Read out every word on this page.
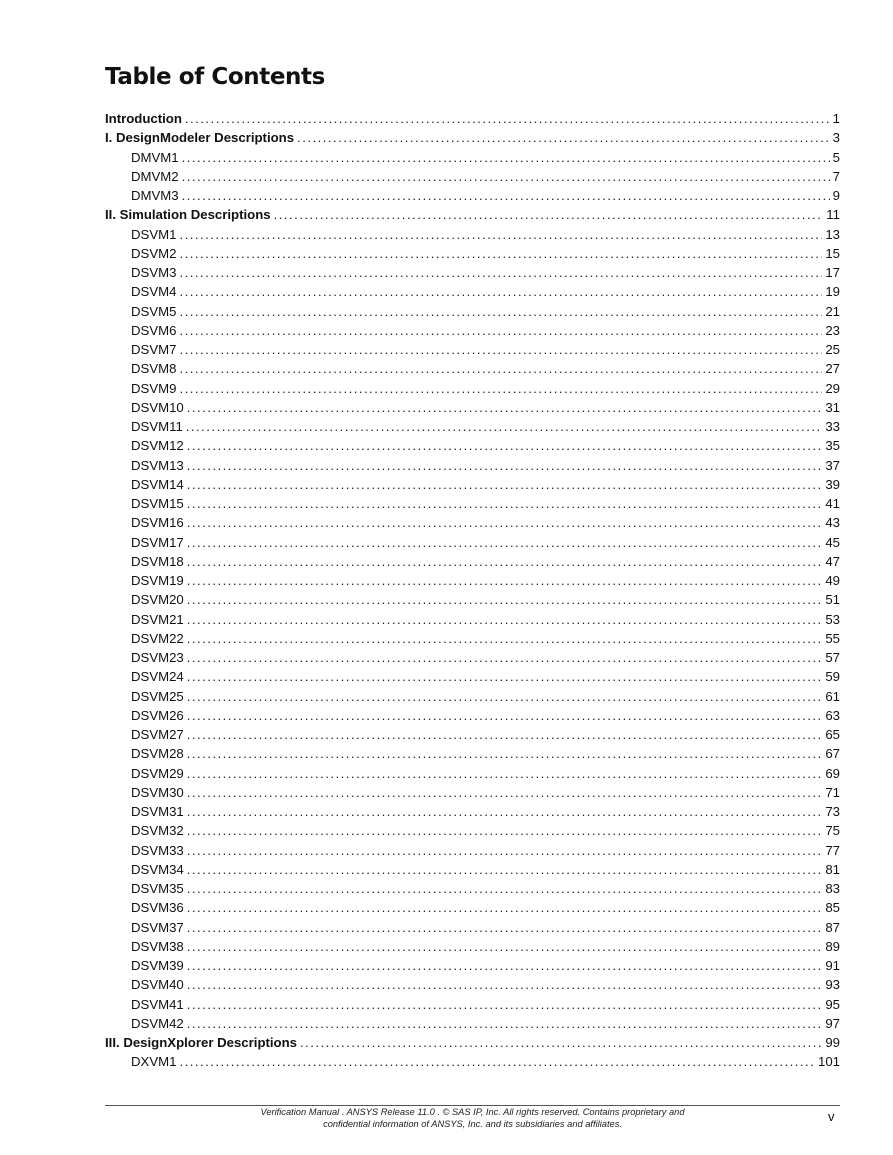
Table of Contents
Introduction . . .	1
I. DesignModeler Descriptions . . .	3
DMVM1 . . .	5
DMVM2 . . .	7
DMVM3 . . .	9
II. Simulation Descriptions . . .	11
DSVM1 . . .	13
DSVM2 . . .	15
DSVM3 . . .	17
DSVM4 . . .	19
DSVM5 . . .	21
DSVM6 . . .	23
DSVM7 . . .	25
DSVM8 . . .	27
DSVM9 . . .	29
DSVM10 . . .	31
DSVM11 . . .	33
DSVM12 . . .	35
DSVM13 . . .	37
DSVM14 . . .	39
DSVM15 . . .	41
DSVM16 . . .	43
DSVM17 . . .	45
DSVM18 . . .	47
DSVM19 . . .	49
DSVM20 . . .	51
DSVM21 . . .	53
DSVM22 . . .	55
DSVM23 . . .	57
DSVM24 . . .	59
DSVM25 . . .	61
DSVM26 . . .	63
DSVM27 . . .	65
DSVM28 . . .	67
DSVM29 . . .	69
DSVM30 . . .	71
DSVM31 . . .	73
DSVM32 . . .	75
DSVM33 . . .	77
DSVM34 . . .	81
DSVM35 . . .	83
DSVM36 . . .	85
DSVM37 . . .	87
DSVM38 . . .	89
DSVM39 . . .	91
DSVM40 . . .	93
DSVM41 . . .	95
DSVM42 . . .	97
III. DesignXplorer Descriptions . . .	99
DXVM1 . . .	101
Verification Manual . ANSYS Release 11.0 . © SAS IP, Inc. All rights reserved. Contains proprietary and
confidential information of ANSYS, Inc. and its subsidiaries and affiliates.	v
